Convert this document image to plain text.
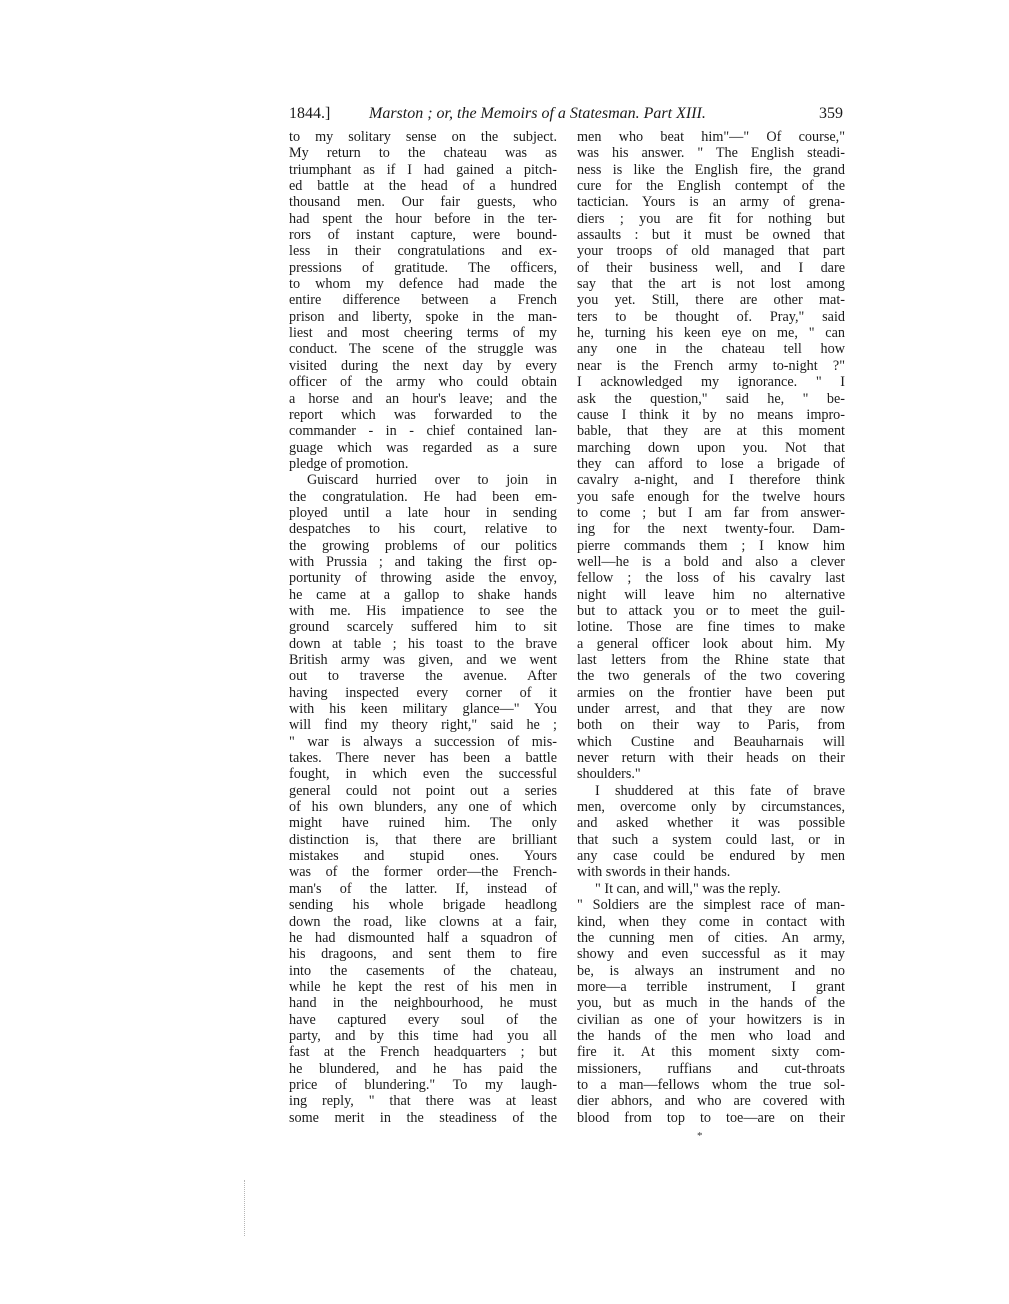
1844.] Marston ; or, the Memoirs of a Statesman. Part XIII.	359
to my solitary sense on the subject.
My return to the chateau was as
triumphant as if I had gained a pitch-
ed battle at the head of a hundred
thousand men. Our fair guests, who
had spent the hour before in the ter-
rors of instant capture, were bound-
less in their congratulations and ex-
pressions of gratitude. The officers,
to whom my defence had made the
entire difference between a French
prison and liberty, spoke in the man-
liest and most cheering terms of my
conduct. The scene of the struggle was
visited during the next day by every
officer of the army who could obtain
a horse and an hour's leave; and the
report which was forwarded to the
commander - in - chief contained lan-
guage which was regarded as a sure
pledge of promotion.
Guiscard hurried over to join in
the congratulation. He had been em-
ployed until a late hour in sending
despatches to his court, relative to
the growing problems of our politics
with Prussia ; and taking the first op-
portunity of throwing aside the envoy,
he came at a gallop to shake hands
with me. His impatience to see the
ground scarcely suffered him to sit
down at table ; his toast to the brave
British army was given, and we went
out to traverse the avenue. After
having inspected every corner of it
with his keen military glance—" You
will find my theory right," said he ;
" war is always a succession of mis-
takes. There never has been a battle
fought, in which even the successful
general could not point out a series
of his own blunders, any one of which
might have ruined him. The only
distinction is, that there are brilliant
mistakes and stupid ones. Yours
was of the former order—the French-
man's of the latter. If, instead of
sending his whole brigade headlong
down the road, like clowns at a fair,
he had dismounted half a squadron of
his dragoons, and sent them to fire
into the casements of the chateau,
while he kept the rest of his men in
hand in the neighbourhood, he must
have captured every soul of the
party, and by this time had you all
fast at the French headquarters ; but
he blundered, and he has paid the
price of blundering." To my laugh-
ing reply, " that there was at least
some merit in the steadiness of the
men who beat him"—" Of course,"
was his answer. " The English steadi-
ness is like the English fire, the grand
cure for the English contempt of the
tactician. Yours is an army of grena-
diers ; you are fit for nothing but
assaults : but it must be owned that
your troops of old managed that part
of their business well, and I dare
say that the art is not lost among
you yet. Still, there are other mat-
ters to be thought of. Pray," said
he, turning his keen eye on me, " can
any one in the chateau tell how
near is the French army to-night ?"
I acknowledged my ignorance. " I
ask the question," said he, " be-
cause I think it by no means impro-
bable, that they are at this moment
marching down upon you. Not that
they can afford to lose a brigade of
cavalry a-night, and I therefore think
you safe enough for the twelve hours
to come ; but I am far from answer-
ing for the next twenty-four. Dam-
pierre commands them ; I know him
well—he is a bold and also a clever
fellow ; the loss of his cavalry last
night will leave him no alternative
but to attack you or to meet the guil-
lotine. Those are fine times to make
a general officer look about him. My
last letters from the Rhine state that
the two generals of the two covering
armies on the frontier have been put
under arrest, and that they are now
both on their way to Paris, from
which Custine and Beauharnais will
never return with their heads on their
shoulders."
I shuddered at this fate of brave
men, overcome only by circumstances,
and asked whether it was possible
that such a system could last, or in
any case could be endured by men
with swords in their hands.
" It can, and will," was the reply.
" Soldiers are the simplest race of man-
kind, when they come in contact with
the cunning men of cities. An army,
showy and even successful as it may
be, is always an instrument and no
more—a terrible instrument, I grant
you, but as much in the hands of the
civilian as one of your howitzers is in
the hands of the men who load and
fire it. At this moment sixty com-
missioners, ruffians and cut-throats
to a man—fellows whom the true sol-
dier abhors, and who are covered with
blood from top to toe—are on their
*
